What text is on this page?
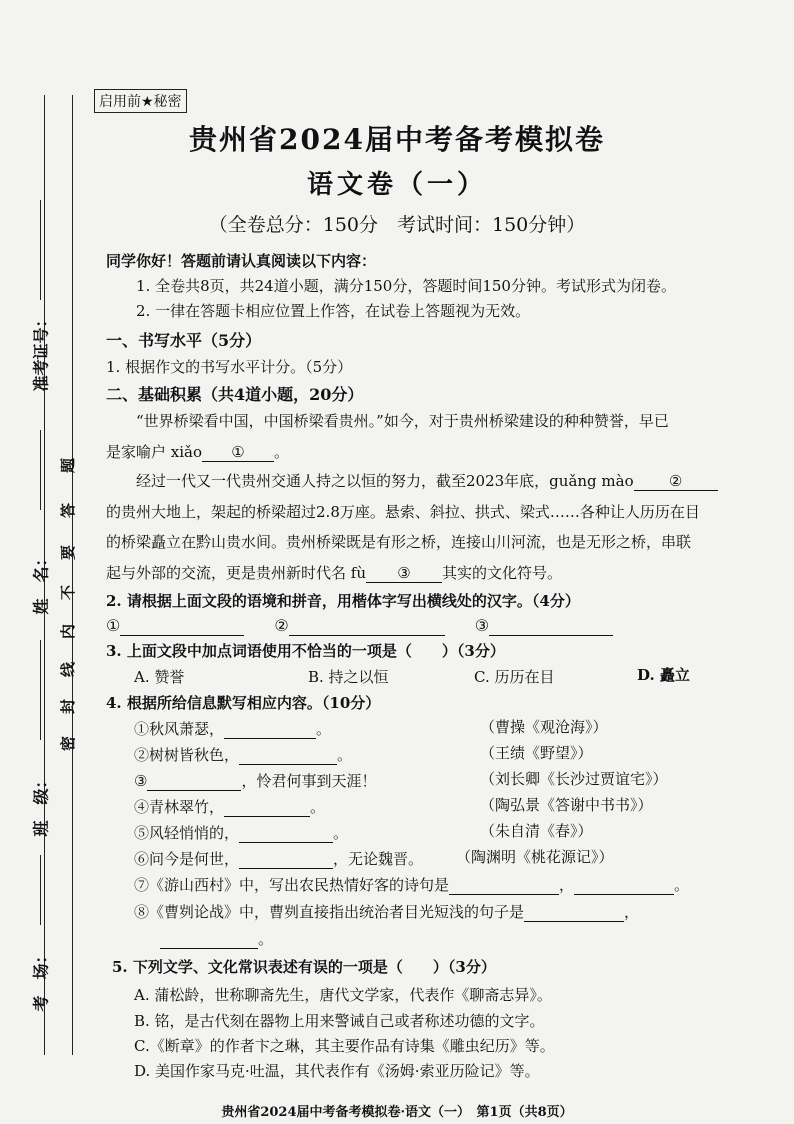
准考证号：
姓　名：
班　级：
考　场：
密
封
线
内
不
要
答
题
启用前★秘密
贵州省2024届中考备考模拟卷
语文卷（一）
（全卷总分：150分　考试时间：150分钟）
同学你好！答题前请认真阅读以下内容：
1. 全卷共8页，共24道小题，满分150分，答题时间150分钟。考试形式为闭卷。
2. 一律在答题卡相应位置上作答，在试卷上答题视为无效。
一、书写水平（5分）
1. 根据作文的书写水平计分。（5分）
二、基础积累（共4道小题，20分）
“世界桥梁看中国，中国桥梁看贵州。”如今，对于贵州桥梁建设的种种赞誉，早已
是家喻户 xiǎo ① 。
经过一代又一代贵州交通人持之以恒的努力，截至2023年底，guǎng mào ②
的贵州大地上，架起的桥梁超过2.8万座。悬索、斜拉、拱式、梁式……各种让人历历在目
的桥梁矗立在黔山贵水间。贵州桥梁既是有形之桥，连接山川河流，也是无形之桥，串联
起与外部的交流，更是贵州新时代名 fù ③ 其实的文化符号。
2. 请根据上面文段的语境和拼音，用楷体字写出横线处的汉字。（4分）
①	②	③
3. 上面文段中加点词语使用不恰当的一项是（　　）（3分）
A. 赞誉	B. 持之以恒	C. 历历在目	D. 矗立
4. 根据所给信息默写相应内容。（10分）
①秋风萧瑟，	。	（曹操《观沧海》）
②树树皆秋色，	。	（王绩《野望》）
③	，怜君何事到天涯！	（刘长卿《长沙过贾谊宅》）
④青林翠竹，	。	（陶弘景《答谢中书书》）
⑤风轻悄悄的，	。	（朱自清《春》）
⑥问今是何世，	，无论魏晋。 （陶渊明《桃花源记》）
⑦《游山西村》中，写出农民热情好客的诗句是	，	。
⑧《曹刿论战》中，曹刿直接指出统治者目光短浅的句子是	，
。
5. 下列文学、文化常识表述有误的一项是（　　）（3分）
A. 蒲松龄，世称聊斋先生，唐代文学家，代表作《聊斋志异》。
B. 铭，是古代刻在器物上用来警诫自己或者称述功德的文字。
C.《断章》的作者卞之琳，其主要作品有诗集《雕虫纪历》等。
D. 美国作家马克·吐温，其代表作有《汤姆·索亚历险记》等。
贵州省2024届中考备考模拟卷·语文（一）　第1页（共8页）
